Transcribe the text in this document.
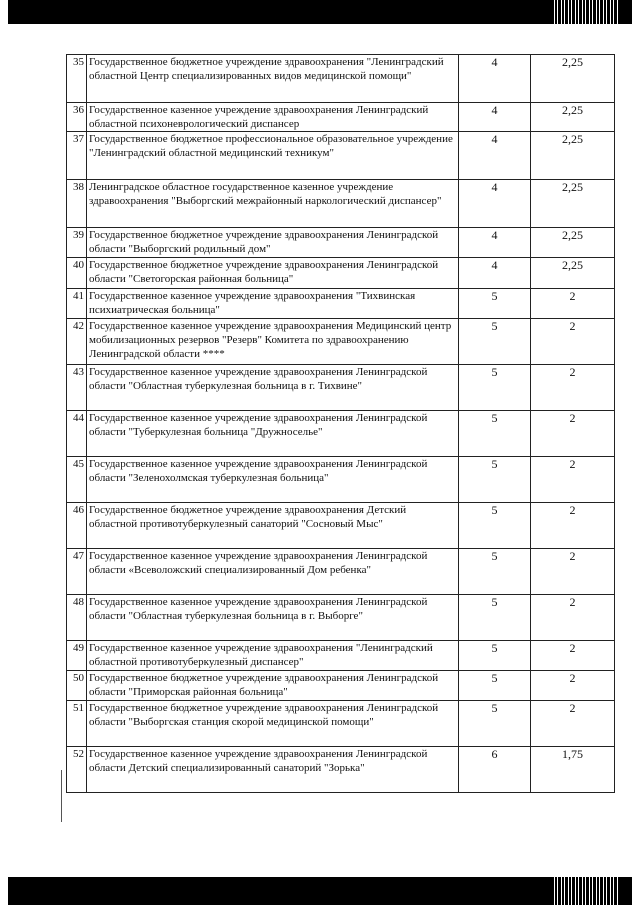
35	Государственное бюджетное учреждение здравоохранения "Ленинградский областной Центр специализированных видов медицинской помощи"	4	2,25
36	Государственное казенное учреждение здравоохранения Ленинградский областной психоневрологический диспансер	4	2,25
37	Государственное бюджетное профессиональное образовательное учреждение "Ленинградский областной медицинский техникум"	4	2,25
38	Ленинградское областное государственное казенное учреждение здравоохранения "Выборгский межрайонный наркологический диспансер"	4	2,25
39	Государственное бюджетное учреждение здравоохранения Ленинградской области "Выборгский родильный дом"	4	2,25
40	Государственное бюджетное учреждение здравоохранения Ленинградской области "Светогорская районная больница"	4	2,25
41	Государственное казенное учреждение здравоохранения "Тихвинская психиатрическая больница"	5	2
42	Государственное казенное учреждение здравоохранения Медицинский центр мобилизационных резервов "Резерв" Комитета по здравоохранению Ленинградской области ****	5	2
43	Государственное казенное учреждение здравоохранения Ленинградской области "Областная туберкулезная больница в г. Тихвине"	5	2
44	Государственное казенное учреждение здравоохранения Ленинградской области "Туберкулезная больница "Дружноселье"	5	2
45	Государственное казенное учреждение здравоохранения Ленинградской области "Зеленохолмская туберкулезная больница"	5	2
46	Государственное бюджетное учреждение здравоохранения Детский областной противотуберкулезный санаторий "Сосновый Мыс"	5	2
47	Государственное казенное учреждение здравоохранения Ленинградской области «Всеволожский специализированный Дом ребенка"	5	2
48	Государственное казенное учреждение здравоохранения Ленинградской области "Областная туберкулезная больница в г. Выборге"	5	2
49	Государственное казенное учреждение здравоохранения "Ленинградский областной противотуберкулезный диспансер"	5	2
50	Государственное бюджетное учреждение здравоохранения Ленинградской области "Приморская районная больница"	5	2
51	Государственное бюджетное учреждение здравоохранения Ленинградской области "Выборгская станция скорой медицинской помощи"	5	2
52	Государственное казенное учреждение здравоохранения Ленинградской области Детский специализированный санаторий "Зорька"	6	1,75
